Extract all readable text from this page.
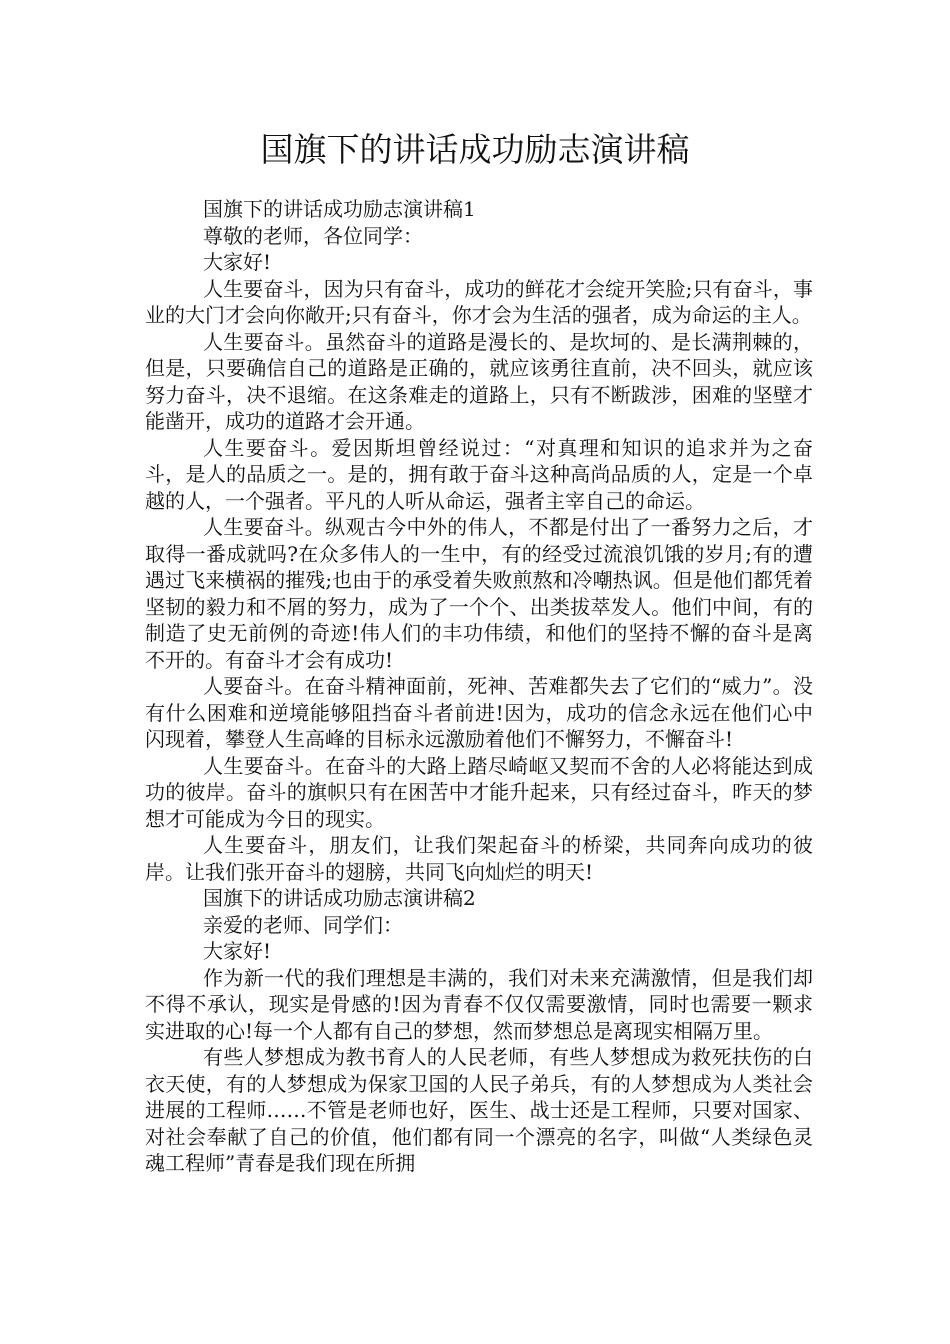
国旗下的讲话成功励志演讲稿

国旗下的讲话成功励志演讲稿1

尊敬的老师，各位同学：

大家好!

人生要奋斗，因为只有奋斗，成功的鲜花才会绽开笑脸;只有奋斗，事业的大门才会向你敞开;只有奋斗，你才会为生活的强者，成为命运的主人。

人生要奋斗。虽然奋斗的道路是漫长的、是坎坷的、是长满荆棘的，但是，只要确信自己的道路是正确的，就应该勇往直前，决不回头，就应该努力奋斗，决不退缩。在这条难走的道路上，只有不断跋涉，困难的坚壁才能凿开，成功的道路才会开通。

人生要奋斗。爱因斯坦曾经说过：“对真理和知识的追求并为之奋斗，是人的品质之一。是的，拥有敢于奋斗这种高尚品质的人，定是一个卓越的人，一个强者。平凡的人听从命运，强者主宰自己的命运。

人生要奋斗。纵观古今中外的伟人，不都是付出了一番努力之后，才取得一番成就吗?在众多伟人的一生中，有的经受过流浪饥饿的岁月;有的遭遇过飞来横祸的摧残;也由于的承受着失败煎熬和冷嘲热讽。但是他们都凭着坚韧的毅力和不屑的努力，成为了一个个、出类拔萃发人。他们中间，有的制造了史无前例的奇迹!伟人们的丰功伟绩，和他们的坚持不懈的奋斗是离不开的。有奋斗才会有成功!

人要奋斗。在奋斗精神面前，死神、苦难都失去了它们的“威力”。没有什么困难和逆境能够阻挡奋斗者前进!因为，成功的信念永远在他们心中闪现着，攀登人生高峰的目标永远激励着他们不懈努力，不懈奋斗!

人生要奋斗。在奋斗的大路上踏尽崎岖又契而不舍的人必将能达到成功的彼岸。奋斗的旗帜只有在困苦中才能升起来，只有经过奋斗，昨天的梦想才可能成为今日的现实。

人生要奋斗，朋友们，让我们架起奋斗的桥梁，共同奔向成功的彼岸。让我们张开奋斗的翅膀，共同飞向灿烂的明天!

国旗下的讲话成功励志演讲稿2

亲爱的老师、同学们：

大家好!

作为新一代的我们理想是丰满的，我们对未来充满激情，但是我们却不得不承认，现实是骨感的!因为青春不仅仅需要激情，同时也需要一颗求实进取的心!每一个人都有自己的梦想，然而梦想总是离现实相隔万里。

有些人梦想成为教书育人的人民老师，有些人梦想成为救死扶伤的白衣天使，有的人梦想成为保家卫国的人民子弟兵，有的人梦想成为人类社会进展的工程师……不管是老师也好，医生、战士还是工程师，只要对国家、对社会奉献了自己的价值，他们都有同一个漂亮的名字，叫做“人类绿色灵魂工程师”青春是我们现在所拥
